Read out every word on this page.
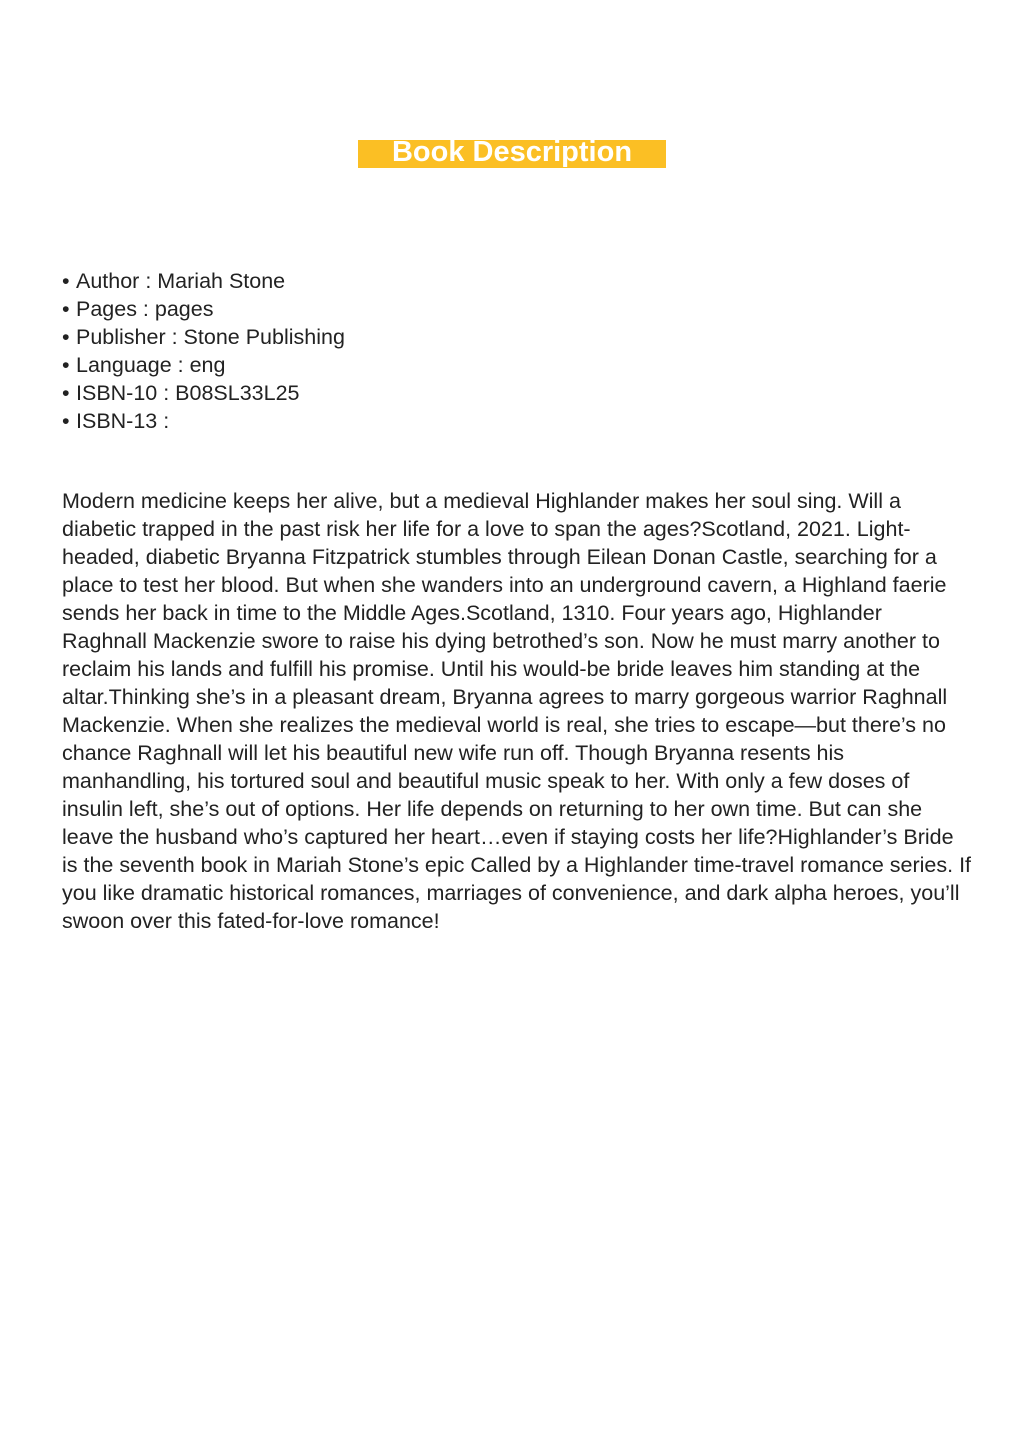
Book Description
• Author : Mariah Stone
• Pages : pages
• Publisher : Stone Publishing
• Language : eng
• ISBN-10 : B08SL33L25
• ISBN-13 :

Modern medicine keeps her alive, but a medieval Highlander makes her soul sing. Will a diabetic trapped in the past risk her life for a love to span the ages?Scotland, 2021. Light-headed, diabetic Bryanna Fitzpatrick stumbles through Eilean Donan Castle, searching for a place to test her blood. But when she wanders into an underground cavern, a Highland faerie sends her back in time to the Middle Ages.Scotland, 1310. Four years ago, Highlander Raghnall Mackenzie swore to raise his dying betrothed’s son. Now he must marry another to reclaim his lands and fulfill his promise. Until his would-be bride leaves him standing at the altar.Thinking she’s in a pleasant dream, Bryanna agrees to marry gorgeous warrior Raghnall Mackenzie. When she realizes the medieval world is real, she tries to escape—but there’s no chance Raghnall will let his beautiful new wife run off. Though Bryanna resents his manhandling, his tortured soul and beautiful music speak to her. With only a few doses of insulin left, she’s out of options. Her life depends on returning to her own time. But can she leave the husband who’s captured her heart…even if staying costs her life?Highlander’s Bride is the seventh book in Mariah Stone’s epic Called by a Highlander time-travel romance series. If you like dramatic historical romances, marriages of convenience, and dark alpha heroes, you’ll swoon over this fated-for-love romance!
